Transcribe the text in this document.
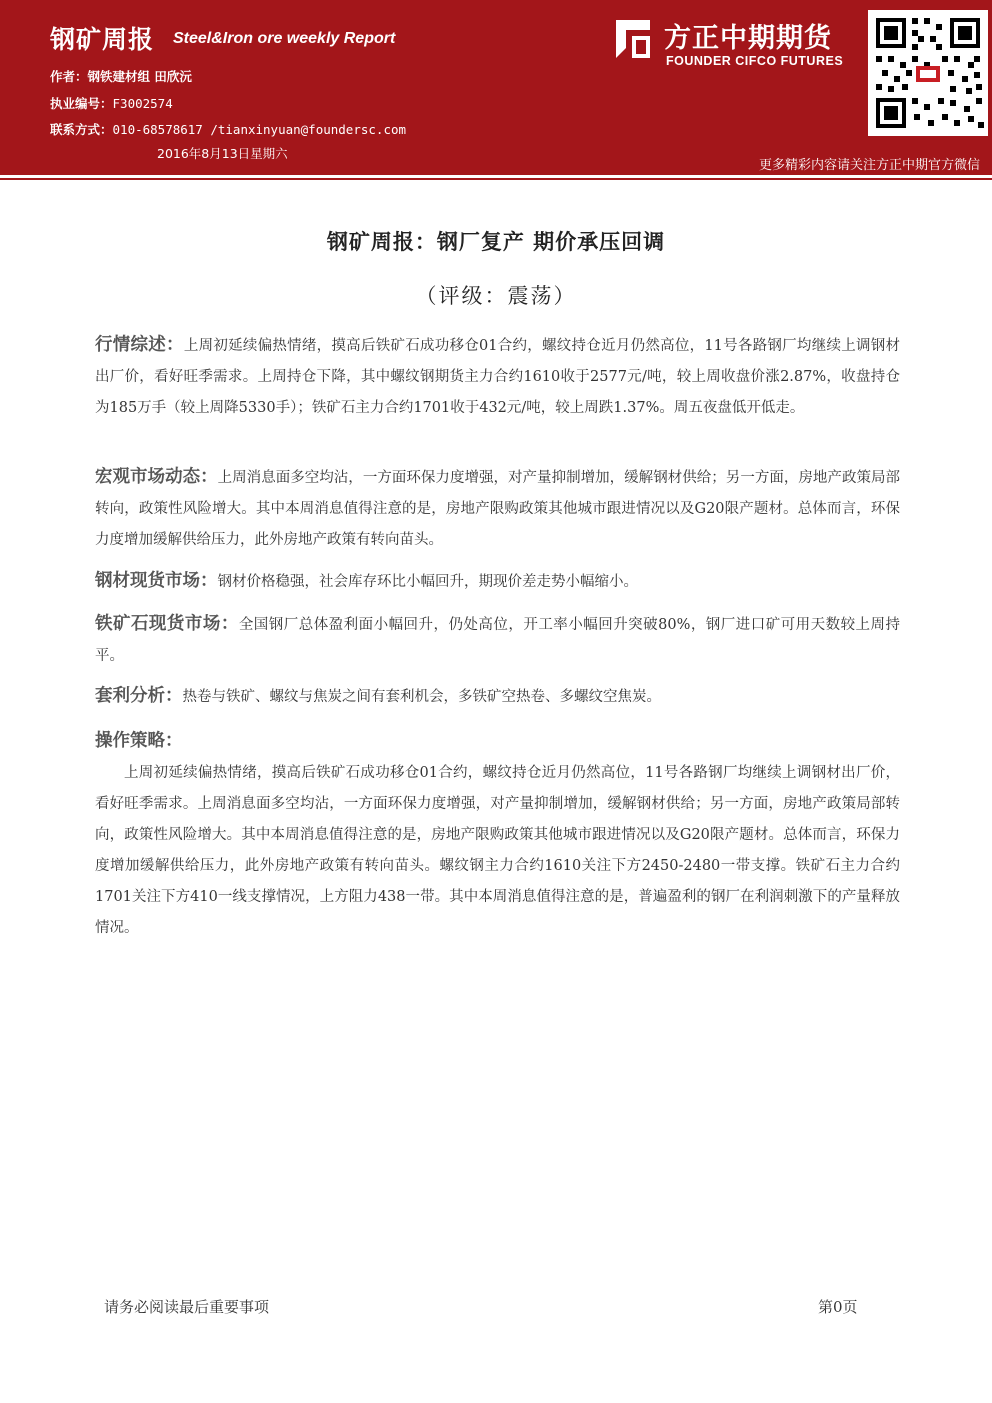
钢矿周报 Steel&Iron ore weekly Report
作者：钢铁建材组 田欣沅
执业编号：F3002574
联系方式：010-68578617 /tianxinyuan@foundersc.com
2016年8月13日星期六
方正中期期货
FOUNDER CIFCO FUTURES
更多精彩内容请关注方正中期官方微信
钢矿周报：钢厂复产 期价承压回调
（评级：震荡）
行情综述：上周初延续偏热情绪，摸高后铁矿石成功移仓01合约，螺纹持仓近月仍然高位，11号各路钢厂均继续上调钢材出厂价，看好旺季需求。上周持仓下降，其中螺纹钢期货主力合约1610收于2577元/吨，较上周收盘价涨2.87%，收盘持仓为185万手（较上周降5330手）；铁矿石主力合约1701收于432元/吨，较上周跌1.37%。周五夜盘低开低走。
宏观市场动态：上周消息面多空均沾，一方面环保力度增强，对产量抑制增加，缓解钢材供给；另一方面，房地产政策局部转向，政策性风险增大。其中本周消息值得注意的是，房地产限购政策其他城市跟进情况以及G20限产题材。总体而言，环保力度增加缓解供给压力，此外房地产政策有转向苗头。
钢材现货市场：钢材价格稳强，社会库存环比小幅回升，期现价差走势小幅缩小。
铁矿石现货市场：全国钢厂总体盈利面小幅回升，仍处高位，开工率小幅回升突破80%，钢厂进口矿可用天数较上周持平。
套利分析：热卷与铁矿、螺纹与焦炭之间有套利机会，多铁矿空热卷、多螺纹空焦炭。
操作策略：
上周初延续偏热情绪，摸高后铁矿石成功移仓01合约，螺纹持仓近月仍然高位，11号各路钢厂均继续上调钢材出厂价，看好旺季需求。上周消息面多空均沾，一方面环保力度增强，对产量抑制增加，缓解钢材供给；另一方面，房地产政策局部转向，政策性风险增大。其中本周消息值得注意的是，房地产限购政策其他城市跟进情况以及G20限产题材。总体而言，环保力度增加缓解供给压力，此外房地产政策有转向苗头。螺纹钢主力合约1610关注下方2450-2480一带支撑。铁矿石主力合约1701关注下方410一线支撑情况，上方阻力438一带。其中本周消息值得注意的是，普遍盈利的钢厂在利润刺激下的产量释放情况。
请务必阅读最后重要事项	第0页
